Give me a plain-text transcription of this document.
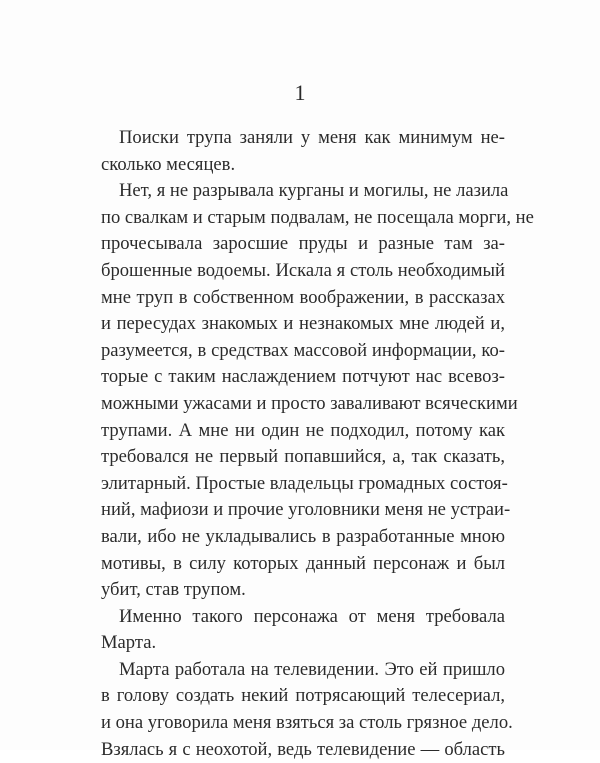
1
Поиски трупа заняли у меня как минимум не-
сколько месяцев.
Нет, я не разрывала курганы и могилы, не лазила
по свалкам и старым подвалам, не посещала морги, не
прочесывала заросшие пруды и разные там за-
брошенные водоемы. Искала я столь необходимый
мне труп в собственном воображении, в рассказах
и пересудах знакомых и незнакомых мне людей и,
разумеется, в средствах массовой информации, ко-
торые с таким наслаждением потчуют нас всевоз-
можными ужасами и просто заваливают всяческими
трупами. А мне ни один не подходил, потому как
требовался не первый попавшийся, а, так сказать,
элитарный. Простые владельцы громадных состоя-
ний, мафиози и прочие уголовники меня не устраи-
вали, ибо не укладывались в разработанные мною
мотивы, в силу которых данный персонаж и был
убит, став трупом.
Именно такого персонажа от меня требовала
Марта.
Марта работала на телевидении. Это ей пришло
в голову создать некий потрясающий телесериал,
и она уговорила меня взяться за столь грязное дело.
Взялась я с неохотой, ведь телевидение — область
